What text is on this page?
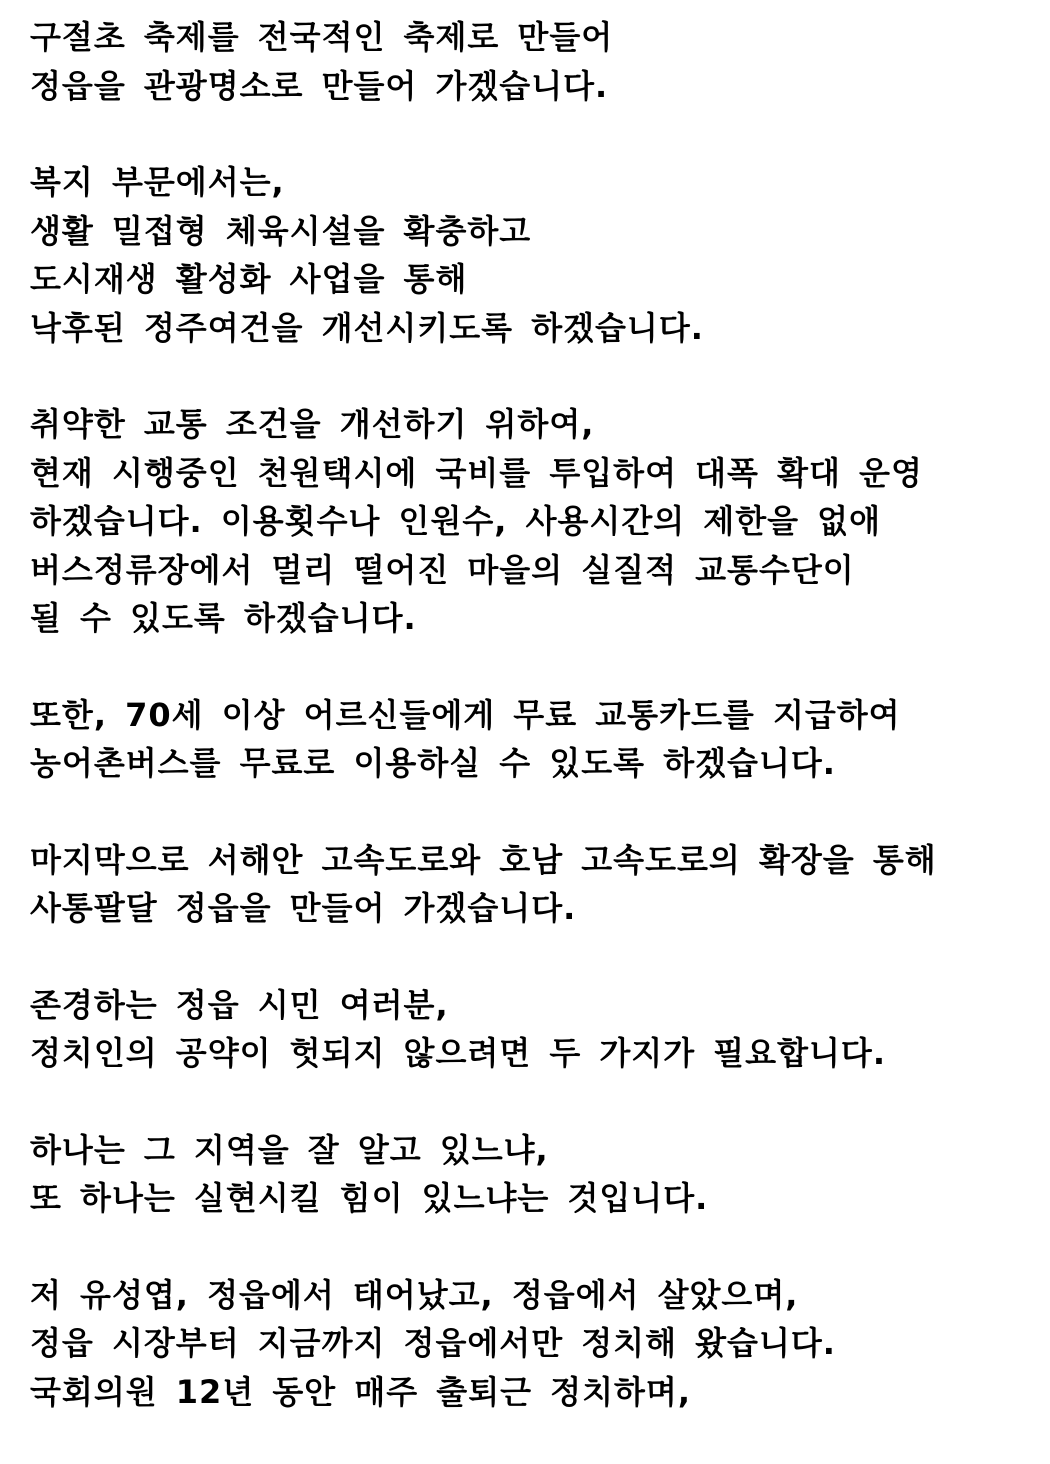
구절초 축제를 전국적인 축제로 만들어
정읍을 관광명소로 만들어 가겠습니다.
복지 부문에서는,
생활 밀접형 체육시설을 확충하고
도시재생 활성화 사업을 통해
낙후된 정주여건을 개선시키도록 하겠습니다.
취약한 교통 조건을 개선하기 위하여,
현재 시행중인 천원택시에 국비를 투입하여 대폭 확대 운영
하겠습니다. 이용횟수나 인원수, 사용시간의 제한을 없애
버스정류장에서 멀리 떨어진 마을의 실질적 교통수단이
될 수 있도록 하겠습니다.
또한, 70세 이상 어르신들에게 무료 교통카드를 지급하여
농어촌버스를 무료로 이용하실 수 있도록 하겠습니다.
마지막으로 서해안 고속도로와 호남 고속도로의 확장을 통해
사통팔달 정읍을 만들어 가겠습니다.
존경하는 정읍 시민 여러분,
정치인의 공약이 헛되지 않으려면 두 가지가 필요합니다.
하나는 그 지역을 잘 알고 있느냐,
또 하나는 실현시킬 힘이 있느냐는 것입니다.
저 유성엽, 정읍에서 태어났고, 정읍에서 살았으며,
정읍 시장부터 지금까지 정읍에서만 정치해 왔습니다.
국회의원 12년 동안 매주 출퇴근 정치하며,
